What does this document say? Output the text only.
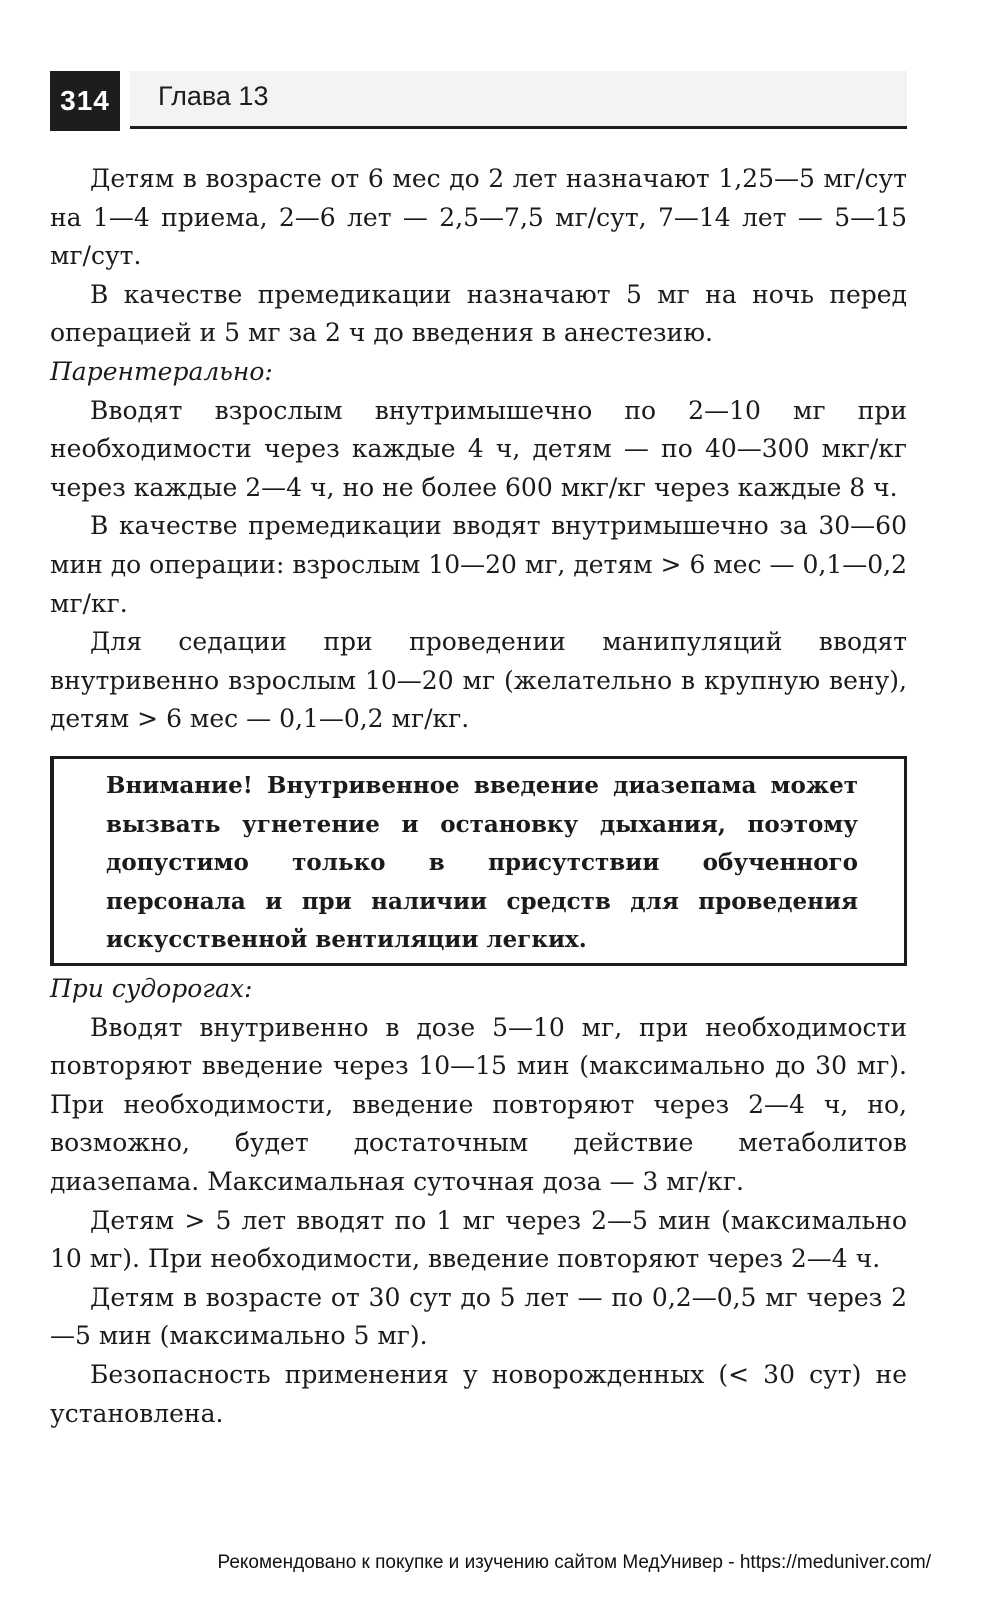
314	Глава 13

Детям в возрасте от 6 мес до 2 лет назначают 1,25—5 мг/сут на 1—4 приема, 2—6 лет — 2,5—7,5 мг/сут, 7—14 лет — 5—15 мг/сут.

В качестве премедикации назначают 5 мг на ночь перед операцией и 5 мг за 2 ч до введения в анестезию.

Парентерально:

Вводят взрослым внутримышечно по 2—10 мг при необходимости через каждые 4 ч, детям — по 40—300 мкг/кг через каждые 2—4 ч, но не более 600 мкг/кг через каждые 8 ч.

В качестве премедикации вводят внутримышечно за 30—60 мин до операции: взрослым 10—20 мг, детям > 6 мес — 0,1—0,2 мг/кг.

Для седации при проведении манипуляций вводят внутривенно взрослым 10—20 мг (желательно в крупную вену), детям > 6 мес — 0,1—0,2 мг/кг.

Внимание! Внутривенное введение диазепама может вызвать угнетение и остановку дыхания, поэтому допустимо только в присутствии обученного персонала и при наличии средств для проведения искусственной вентиляции легких.

При судорогах:

Вводят внутривенно в дозе 5—10 мг, при необходимости повторяют введение через 10—15 мин (максимально до 30 мг). При необходимости, введение повторяют через 2—4 ч, но, возможно, будет достаточным действие метаболитов диазепама. Максимальная суточная доза — 3 мг/кг.

Детям > 5 лет вводят по 1 мг через 2—5 мин (максимально 10 мг). При необходимости, введение повторяют через 2—4 ч.

Детям в возрасте от 30 сут до 5 лет — по 0,2—0,5 мг через 2—5 мин (максимально 5 мг).

Безопасность применения у новорожденных (< 30 сут) не установлена.

Рекомендовано к покупке и изучению сайтом МедУнивер - https://meduniver.com/
